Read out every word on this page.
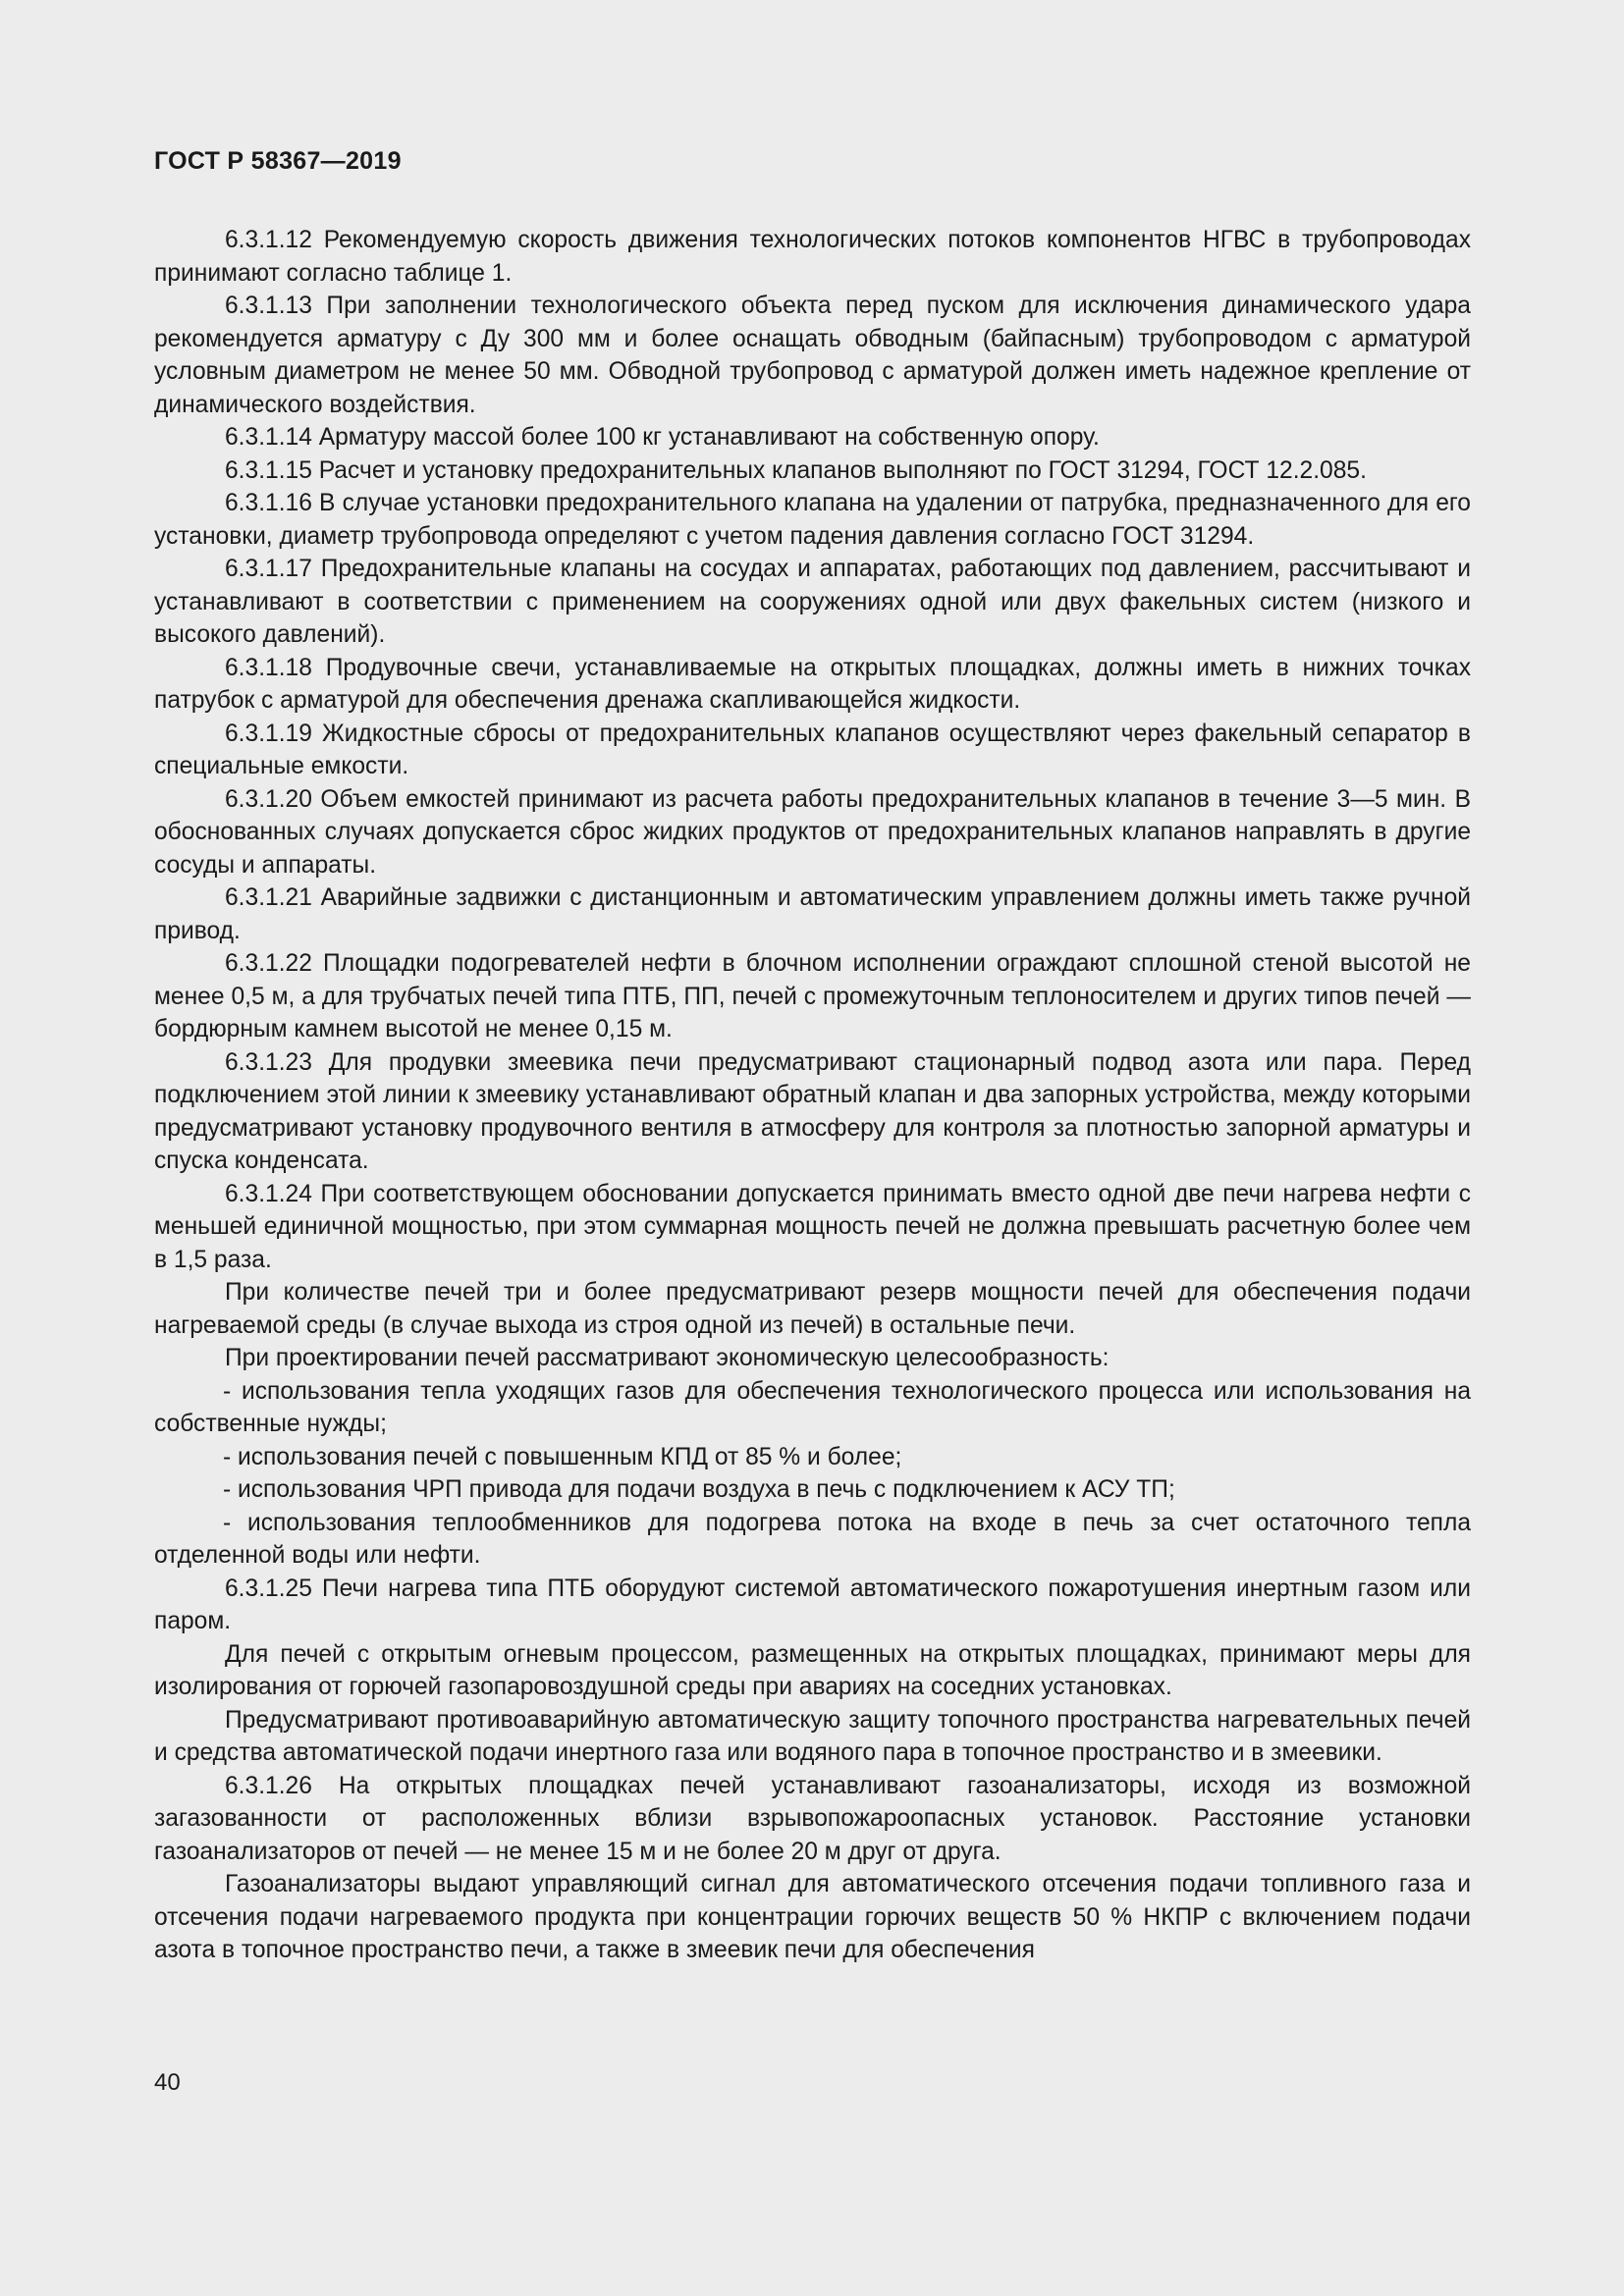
ГОСТ Р 58367—2019

6.3.1.12 Рекомендуемую скорость движения технологических потоков компонентов НГВС в трубопроводах принимают согласно таблице 1.

6.3.1.13 При заполнении технологического объекта перед пуском для исключения динамического удара рекомендуется арматуру с Ду 300 мм и более оснащать обводным (байпасным) трубопроводом с арматурой условным диаметром не менее 50 мм. Обводной трубопровод с арматурой должен иметь надежное крепление от динамического воздействия.

6.3.1.14 Арматуру массой более 100 кг устанавливают на собственную опору.

6.3.1.15 Расчет и установку предохранительных клапанов выполняют по ГОСТ 31294, ГОСТ 12.2.085.

6.3.1.16 В случае установки предохранительного клапана на удалении от патрубка, предназначенного для его установки, диаметр трубопровода определяют с учетом падения давления согласно ГОСТ 31294.

6.3.1.17 Предохранительные клапаны на сосудах и аппаратах, работающих под давлением, рассчитывают и устанавливают в соответствии с применением на сооружениях одной или двух факельных систем (низкого и высокого давлений).

6.3.1.18 Продувочные свечи, устанавливаемые на открытых площадках, должны иметь в нижних точках патрубок с арматурой для обеспечения дренажа скапливающейся жидкости.

6.3.1.19 Жидкостные сбросы от предохранительных клапанов осуществляют через факельный сепаратор в специальные емкости.

6.3.1.20 Объем емкостей принимают из расчета работы предохранительных клапанов в течение 3—5 мин. В обоснованных случаях допускается сброс жидких продуктов от предохранительных клапанов направлять в другие сосуды и аппараты.

6.3.1.21 Аварийные задвижки с дистанционным и автоматическим управлением должны иметь также ручной привод.

6.3.1.22 Площадки подогревателей нефти в блочном исполнении ограждают сплошной стеной высотой не менее 0,5 м, а для трубчатых печей типа ПТБ, ПП, печей с промежуточным теплоносителем и других типов печей — бордюрным камнем высотой не менее 0,15 м.

6.3.1.23 Для продувки змеевика печи предусматривают стационарный подвод азота или пара. Перед подключением этой линии к змеевику устанавливают обратный клапан и два запорных устройства, между которыми предусматривают установку продувочного вентиля в атмосферу для контроля за плотностью запорной арматуры и спуска конденсата.

6.3.1.24 При соответствующем обосновании допускается принимать вместо одной две печи нагрева нефти с меньшей единичной мощностью, при этом суммарная мощность печей не должна превышать расчетную более чем в 1,5 раза.

При количестве печей три и более предусматривают резерв мощности печей для обеспечения подачи нагреваемой среды (в случае выхода из строя одной из печей) в остальные печи.

При проектировании печей рассматривают экономическую целесообразность:

- использования тепла уходящих газов для обеспечения технологического процесса или использования на собственные нужды;

- использования печей с повышенным КПД от 85 % и более;

- использования ЧРП привода для подачи воздуха в печь с подключением к АСУ ТП;

- использования теплообменников для подогрева потока на входе в печь за счет остаточного тепла отделенной воды или нефти.

6.3.1.25 Печи нагрева типа ПТБ оборудуют системой автоматического пожаротушения инертным газом или паром.

Для печей с открытым огневым процессом, размещенных на открытых площадках, принимают меры для изолирования от горючей газопаровоздушной среды при авариях на соседних установках.

Предусматривают противоаварийную автоматическую защиту топочного пространства нагревательных печей и средства автоматической подачи инертного газа или водяного пара в топочное пространство и в змеевики.

6.3.1.26 На открытых площадках печей устанавливают газоанализаторы, исходя из возможной загазованности от расположенных вблизи взрывопожароопасных установок. Расстояние установки газоанализаторов от печей — не менее 15 м и не более 20 м друг от друга.

Газоанализаторы выдают управляющий сигнал для автоматического отсечения подачи топливного газа и отсечения подачи нагреваемого продукта при концентрации горючих веществ 50 % НКПР с включением подачи азота в топочное пространство печи, а также в змеевик печи для обеспечения

40
